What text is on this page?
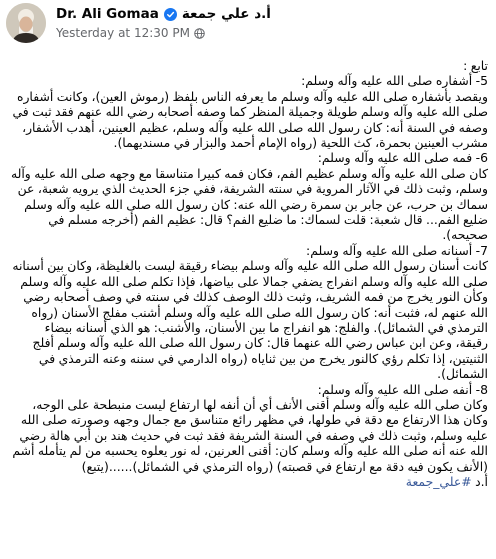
Dr. Ali Gomaa أ.د علي جمعة
Yesterday at 12:30 PM

تابع :

5- أشفاره صلى الله عليه وآله وسلم:

ويقصد بأشفاره صلى الله عليه وآله وسلم ما يعرفه الناس بلفظ (رموش العين)، وكانت أشفاره صلى الله عليه وآله وسلم طويلة وجميلة المنظر كما وصفه أصحابه رضي الله عنهم فقد ثبت في وصفه في السنة أنه: كان رسول الله صلى الله عليه وآله وسلم، عظيم العينين، أهدب الأشفار، مشرب العينين بحمرة، كث اللحية (رواه الإمام أحمد والبزار في مسنديهما).

6- فمه صلى الله عليه وآله وسلم:

كان صلى الله عليه وآله وسلم عظيم الفم، فكان فمه كبيرا متناسقا مع وجهه صلى الله عليه وآله وسلم، وثبت ذلك في الآثار المروية في سنته الشريفة، ففي جزء الحديث الذي يرويه شعبة، عن سماك بن حرب، عن جابر بن سمرة رضي الله عنه: كان رسول الله صلى الله عليه وآله وسلم ضليع الفم... قال شعبة: قلت لسماك: ما ضليع الفم؟ قال: عظيم الفم (أخرجه مسلم في صحيحه).

7- أسنانه صلى الله عليه وآله وسلم:

كانت أسنان رسول الله صلى الله عليه وآله وسلم بيضاء رقيقة ليست بالغليظة، وكان بين أسنانه صلى الله عليه وآله وسلم انفراج يضفي جمالا على بياضها، فإذا تكلم صلى الله عليه وآله وسلم وكأن النور يخرج من فمه الشريف، وثبت ذلك الوصف كذلك في سنته في وصف أصحابه رضي الله عنهم له، فثبت أنه: كان رسول الله صلى الله عليه وآله وسلم أشنب مفلج الأسنان (رواه الترمذي في الشمائل). والفلج: هو انفراج ما بين الأسنان، والأشنب: هو الذي أسنانه بيضاء رقيقة، وعن ابن عباس رضي الله عنهما قال: كان رسول الله صلى الله عليه وآله وسلم أفلج الثنيتين، إذا تكلم رؤي كالنور يخرج من بين ثناياه (رواه الدارمي في سننه وعنه الترمذي في الشمائل).

8- أنفه صلى الله عليه وآله وسلم:

وكان صلى الله عليه وآله وسلم أقنى الأنف أي أن أنفه لها ارتفاع ليست منبطحة على الوجه، وكان هذا الارتفاع مع دقة في طولها، في مظهر رائع متناسق مع جمال وجهه وصورته صلى الله عليه وسلم، وثبت ذلك في وصفه في السنة الشريفة فقد ثبت في حديث هند بن أبي هالة رضي الله عنه أنه صلى الله عليه وآله وسلم كان: أقنى العرنين، له نور يعلوه يحسبه من لم يتأمله أشم (الأنف يكون فيه دقة مع ارتفاع في قصبته) (رواه الترمذي في الشمائل)......(يتبع)

أ.د #علي_جمعة
